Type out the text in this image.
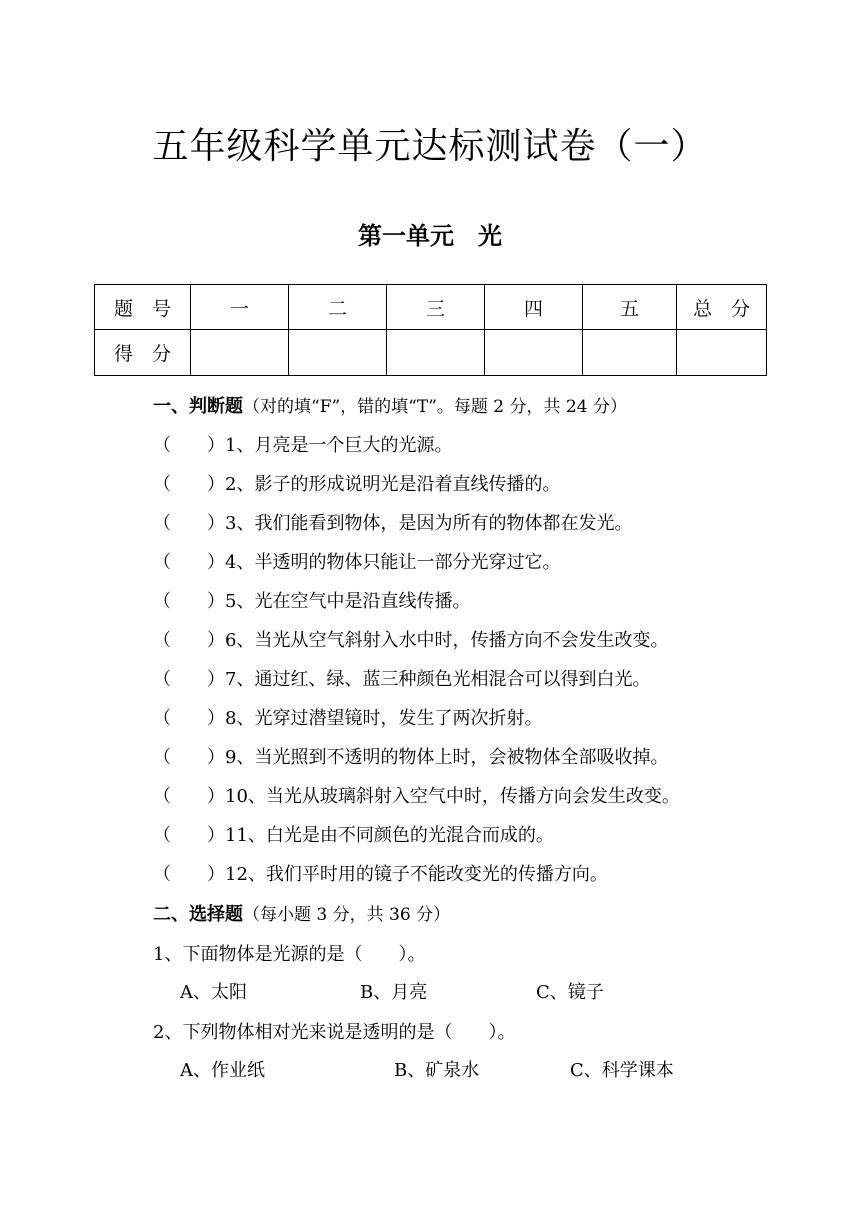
五年级科学单元达标测试卷（一）
第一单元　光
题　号	一	二	三	四	五	总　分
得　分						
一、判断题（对的填“F”，错的填“T”。每题 2 分，共 24 分）
（　　）1、月亮是一个巨大的光源。
（　　）2、影子的形成说明光是沿着直线传播的。
（　　）3、我们能看到物体，是因为所有的物体都在发光。
（　　）4、半透明的物体只能让一部分光穿过它。
（　　）5、光在空气中是沿直线传播。
（　　）6、当光从空气斜射入水中时，传播方向不会发生改变。
（　　）7、通过红、绿、蓝三种颜色光相混合可以得到白光。
（　　）8、光穿过潜望镜时，发生了两次折射。
（　　）9、当光照到不透明的物体上时，会被物体全部吸收掉。
（　　）10、当光从玻璃斜射入空气中时，传播方向会发生改变。
（　　）11、白光是由不同颜色的光混合而成的。
（　　）12、我们平时用的镜子不能改变光的传播方向。
二、选择题（每小题 3 分，共 36 分）
1、下面物体是光源的是（　　）。
A、太阳	B、月亮	C、镜子
2、下列物体相对光来说是透明的是（　　）。
A、作业纸	B、矿泉水	C、科学课本
